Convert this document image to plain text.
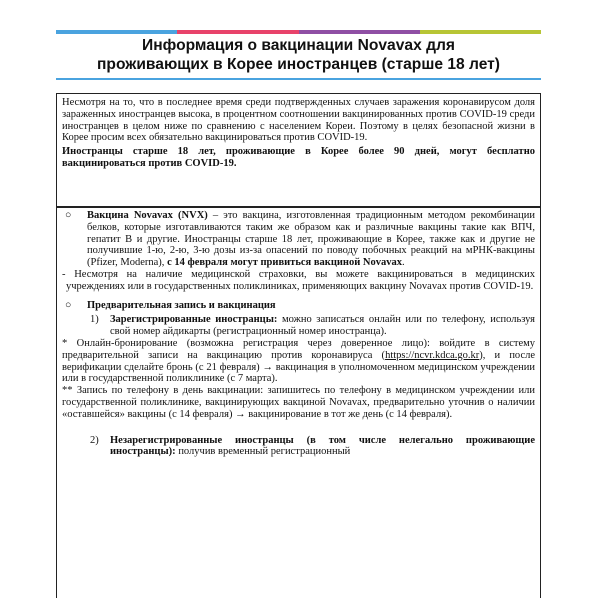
Информация о вакцинации Novavax для
проживающих в Корее иностранцев (старше 18 лет)

Несмотря на то, что в последнее время среди подтвержденных случаев заражения коронавирусом доля зараженных иностранцев высока, в процентном соотношении вакцинированных против COVID-19 среди иностранцев в целом ниже по сравнению с населением Кореи. Поэтому в целях безопасной жизни в Корее просим всех обязательно вакцинироваться против COVID-19.

Иностранцы старше 18 лет, проживающие в Корее более 90 дней, могут бесплатно вакцинироваться против COVID-19.

○	Вакцина Novavax (NVX) – это вакцина, изготовленная традиционным методом рекомбинации белков, которые изготавливаются таким же образом как и различные вакцины такие как ВПЧ, гепатит B и другие. Иностранцы старше 18 лет, проживающие в Корее, также как и другие не получившие 1-ю, 2-ю, 3-ю дозы из-за опасений по поводу побочных реакций на мРНК-вакцины (Pfizer, Moderna), с 14 февраля могут привиться вакциной Novavax.
- Несмотря на наличие медицинской страховки, вы можете вакцинироваться в медицинских учреждениях или в государственных поликлиниках, применяющих вакцину Novavax против COVID-19.
○	Предварительная запись и вакцинация
1)	Зарегистрированные иностранцы: можно записаться онлайн или по телефону, используя свой номер айдикарты (регистрационный номер иностранца).
* Онлайн-бронирование (возможна регистрация через доверенное лицо): войдите в систему предварительной записи на вакцинацию против коронавируса (https://ncvr.kdca.go.kr), и после верификации сделайте бронь (с 21 февраля) → вакцинация в уполномоченном медицинском учреждении или в государственной поликлинике (с 7 марта).
** Запись по телефону в день вакцинации: запишитесь по телефону в медицинском учреждении или государственной поликлинике, вакцинирующих вакциной Novavax, предварительно уточнив о наличии «оставшейся» вакцины (с 14 февраля) → вакцинирование в тот же день (с 14 февраля).
2)	Незарегистрированные иностранцы (в том числе нелегально проживающие иностранцы): получив временный регистрационный
